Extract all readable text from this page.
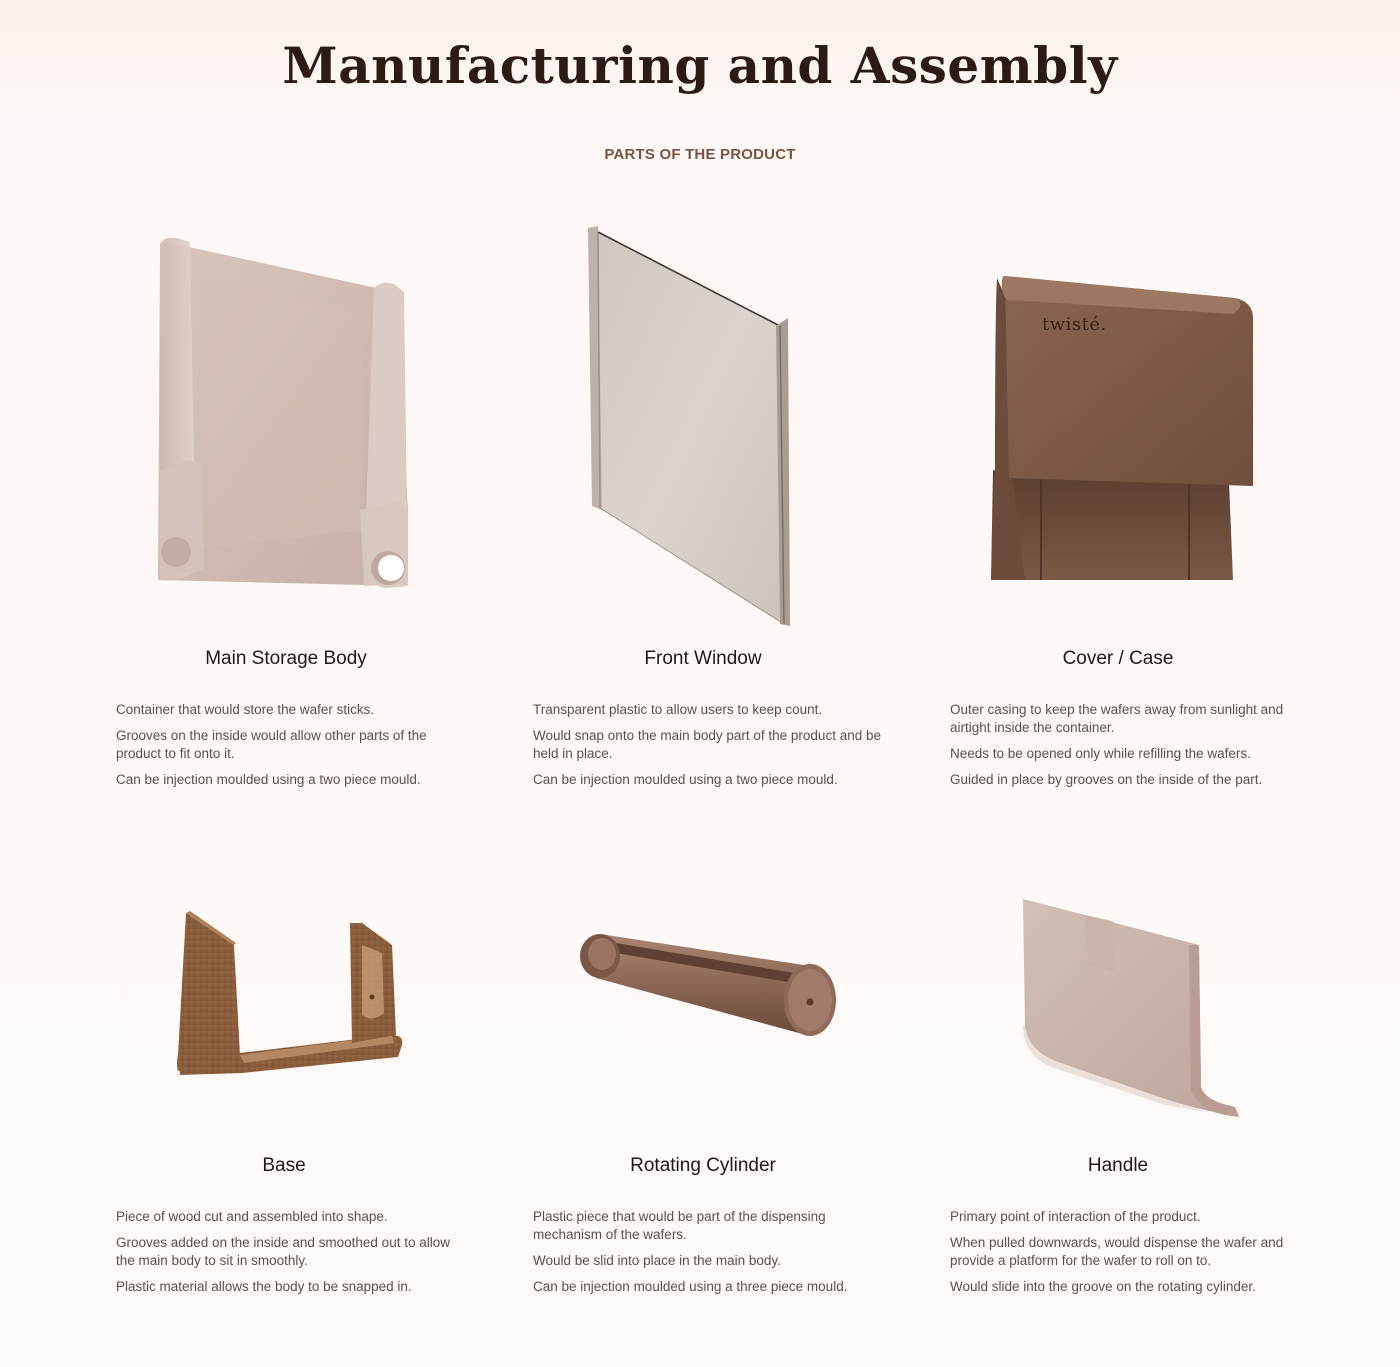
Manufacturing and Assembly
PARTS OF THE PRODUCT
twisté.
Main Storage Body	Front Window	Cover / Case

Container that would store the wafer sticks.

Grooves on the inside would allow other parts of the product to fit onto it.

Can be injection moulded using a two piece mould.

Transparent plastic to allow users to keep count.

Would snap onto the main body part of the product and be held in place.

Can be injection moulded using a two piece mould.

Outer casing to keep the wafers away from sunlight and airtight inside the container.

Needs to be opened only while refilling the wafers.

Guided in place by grooves on the inside of the part.

Base	Rotating Cylinder	Handle

Piece of wood cut and assembled into shape.

Grooves added on the inside and smoothed out to allow the main body to sit in smoothly.

Plastic material allows the body to be snapped in.

Plastic piece that would be part of the dispensing mechanism of the wafers.

Would be slid into place in the main body.

Can be injection moulded using a three piece mould.

Primary point of interaction of the product.

When pulled downwards, would dispense the wafer and provide a platform for the wafer to roll on to.

Would slide into the groove on the rotating cylinder.
